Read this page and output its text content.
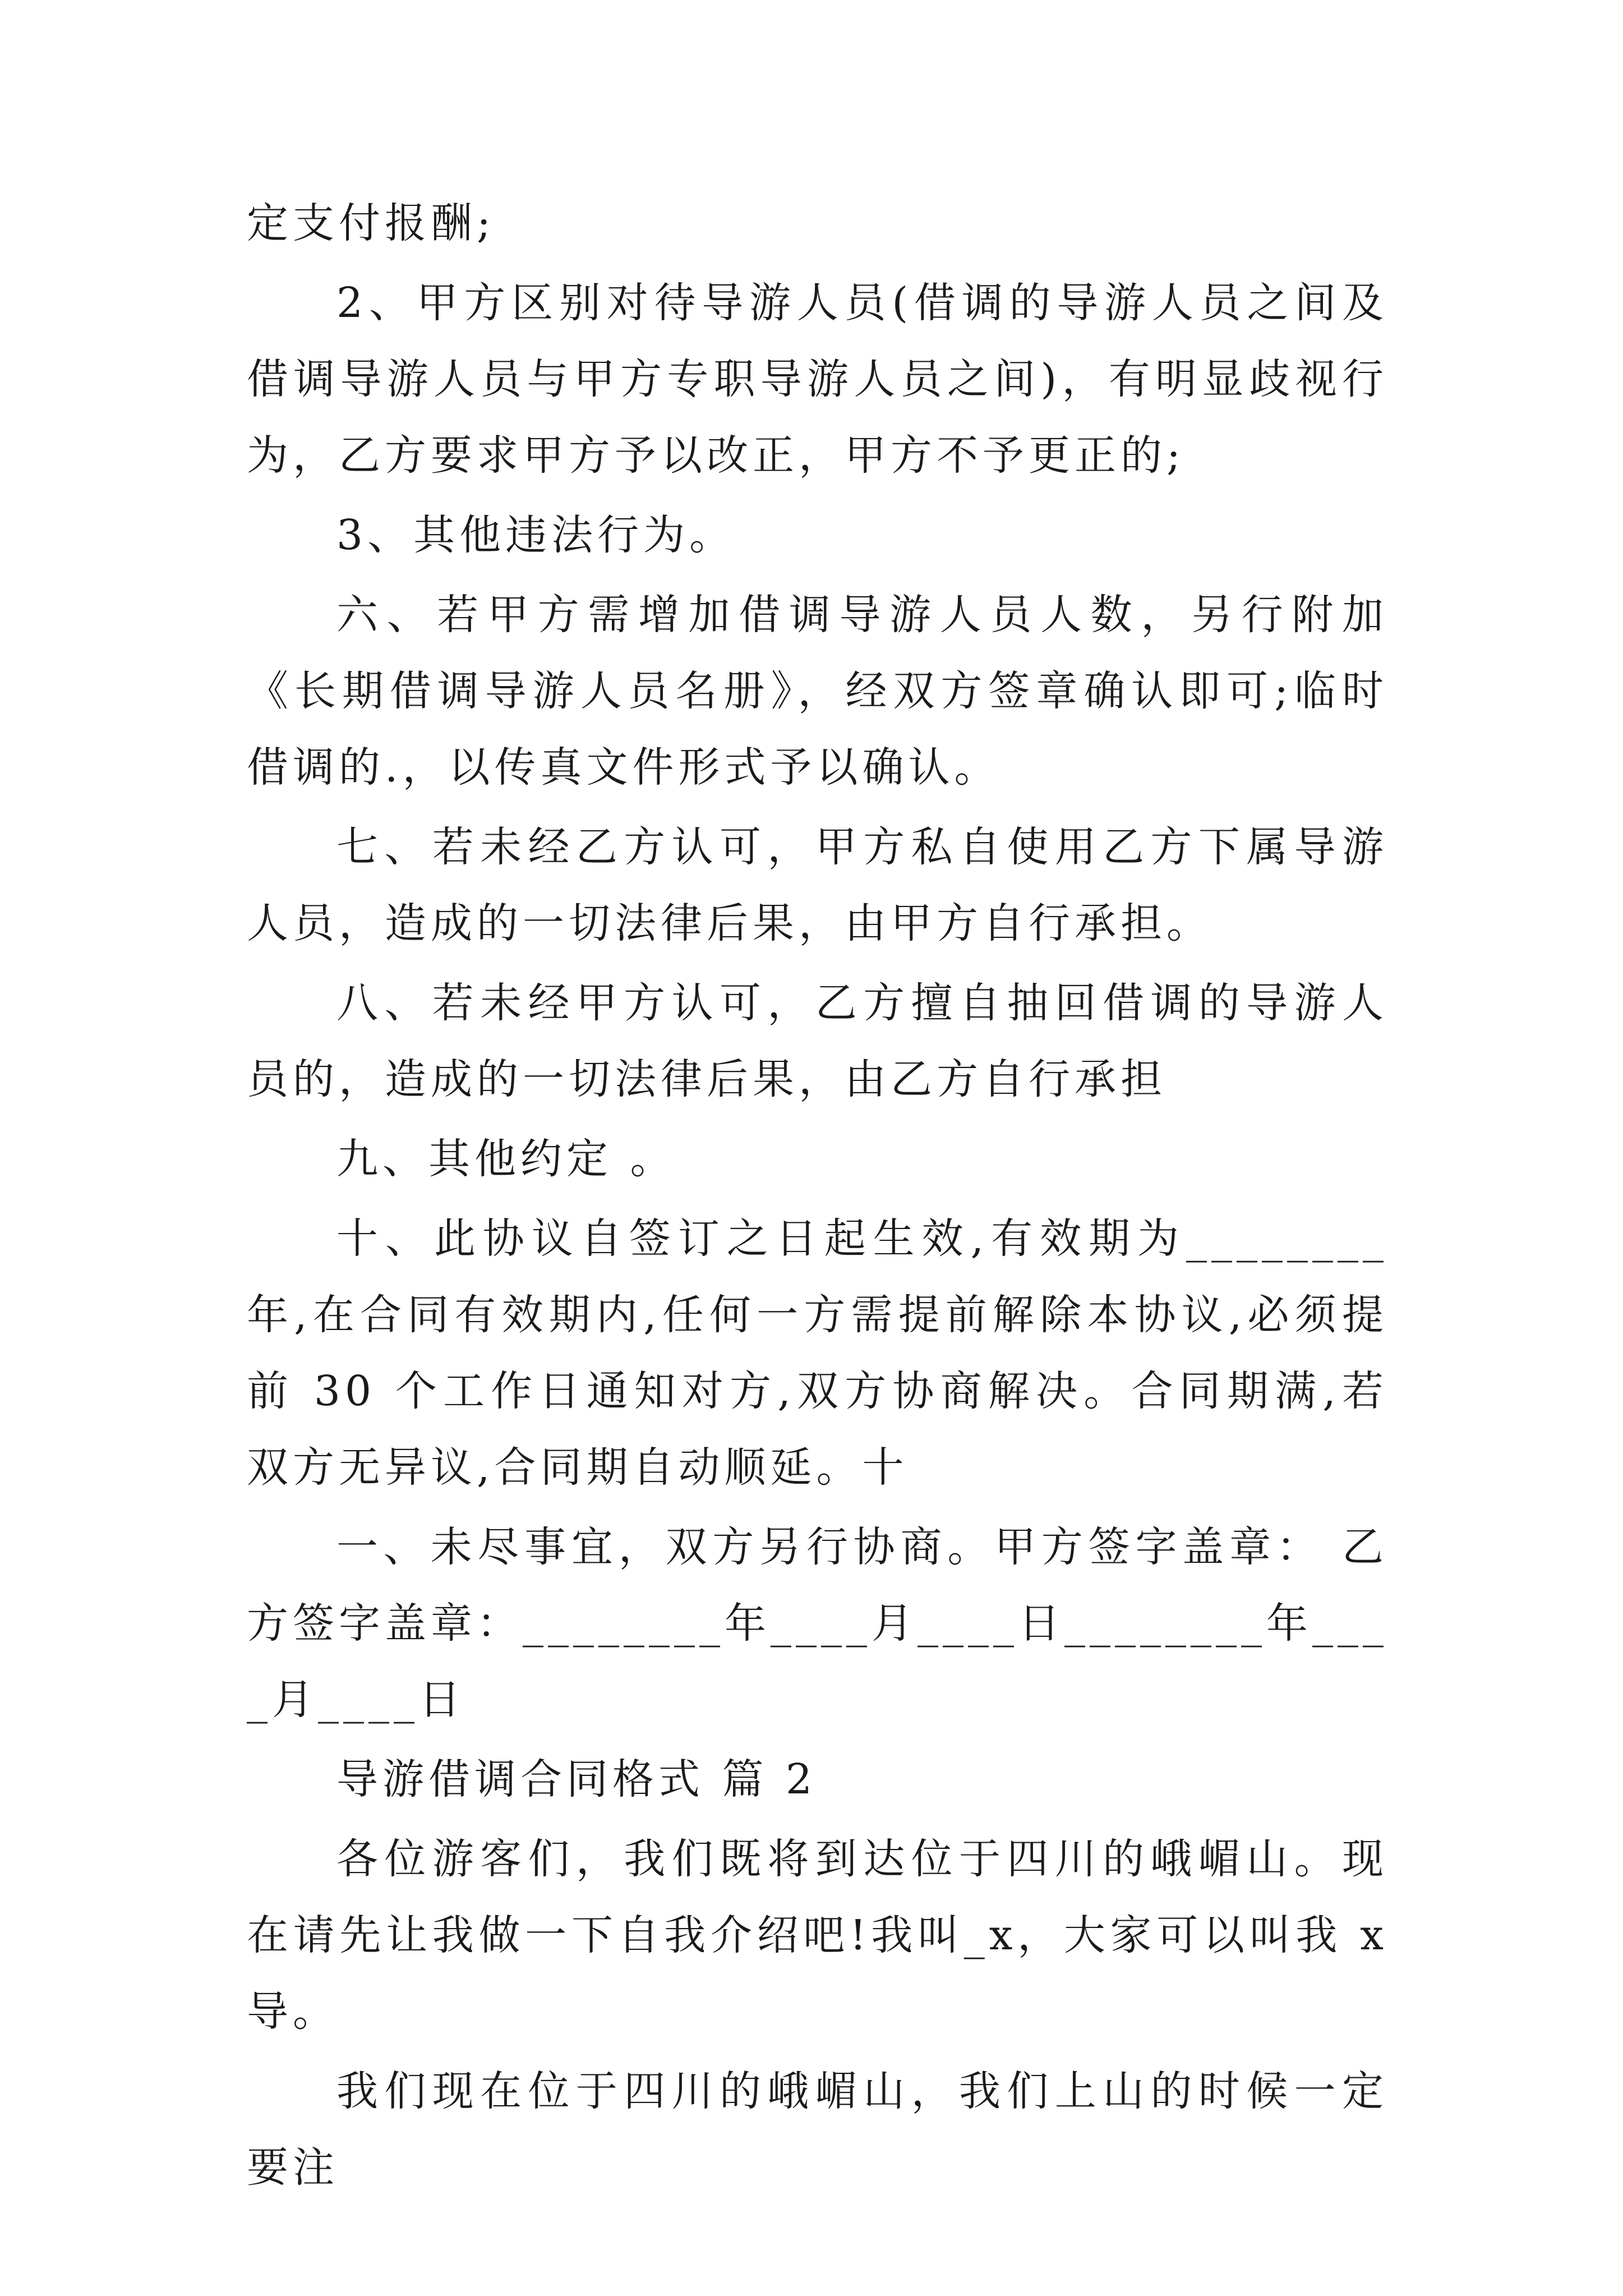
定支付报酬;

2、甲方区别对待导游人员(借调的导游人员之间及借调导游人员与甲方专职导游人员之间)，有明显歧视行为，乙方要求甲方予以改正，甲方不予更正的;

3、其他违法行为。

六、若甲方需增加借调导游人员人数，另行附加《长期借调导游人员名册》，经双方签章确认即可;临时借调的.，以传真文件形式予以确认。

七、若未经乙方认可，甲方私自使用乙方下属导游人员，造成的一切法律后果，由甲方自行承担。

八、若未经甲方认可，乙方擅自抽回借调的导游人员的，造成的一切法律后果，由乙方自行承担

九、其他约定 。

十、此协议自签订之日起生效,有效期为________年,在合同有效期内,任何一方需提前解除本协议,必须提前 30 个工作日通知对方,双方协商解决。合同期满,若双方无异议,合同期自动顺延。十

一、未尽事宜，双方另行协商。甲方签字盖章： 乙方签字盖章：________年____月____日________年____月____日

导游借调合同格式 篇 2

各位游客们，我们既将到达位于四川的峨嵋山。现在请先让我做一下自我介绍吧!我叫_x，大家可以叫我 x 导。

我们现在位于四川的峨嵋山，我们上山的时候一定要注
